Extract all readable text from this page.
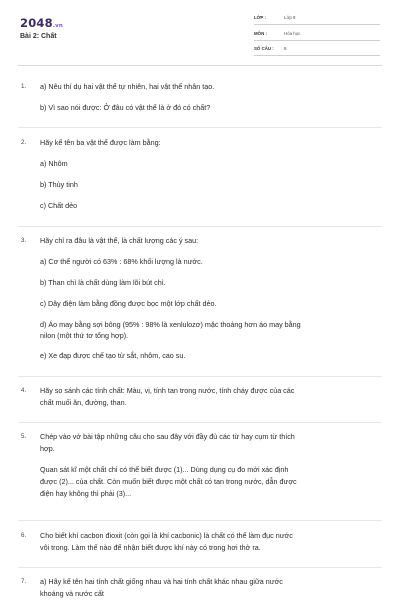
2048.vn
Bài 2: Chất
LỚP :	Lớp 8
MÔN :	Hóa học
SỐ CÂU : 8
1. a) Nêu thí dụ hai vật thể tự nhiên, hai vật thể nhân tạo.
b) Vì sao nói được: Ở đâu có vật thể là ở đó có chất?
2. Hãy kể tên ba vật thể được làm bằng:
a) Nhôm
b) Thủy tinh
c) Chất dẻo
3. Hãy chỉ ra đâu là vật thể, là chất lượng các ý sau:
a) Cơ thể người có 63% : 68% khối lượng là nước.
b) Than chì là chất dùng làm lõi bút chì.
c) Dây điện làm bằng đồng được bọc một lớp chất dẻo.
d) Áo may bằng sợi bông (95% : 98% là xenlulozơ) mặc thoáng hơn áo may bằng
nilon (một thứ tơ tổng hợp).
e) Xe đạp được chế tạo từ sắt, nhôm, cao su.
4. Hãy so sánh các tính chất: Màu, vị, tính tan trong nước, tính cháy được của các
chất muối ăn, đường, than.
5. Chép vào vở bài tập những câu cho sau đây với đầy đủ các từ hay cụm từ thích
hợp.
Quan sát kĩ một chất chỉ có thể biết được (1)... Dùng dụng cụ đo mới xác định
được (2)... của chất. Còn muốn biết được một chất có tan trong nước, dẫn được
điện hay không thì phải (3)...
6. Cho biết khí cacbon đioxit (còn gọi là khí cacbonic) là chất có thể làm đục nước
vôi trong. Làm thế nào để nhận biết được khí này có trong hơi thở ra.
7. a) Hãy kể tên hai tính chất giống nhau và hai tính chất khác nhau giữa nước
khoáng và nước cất
